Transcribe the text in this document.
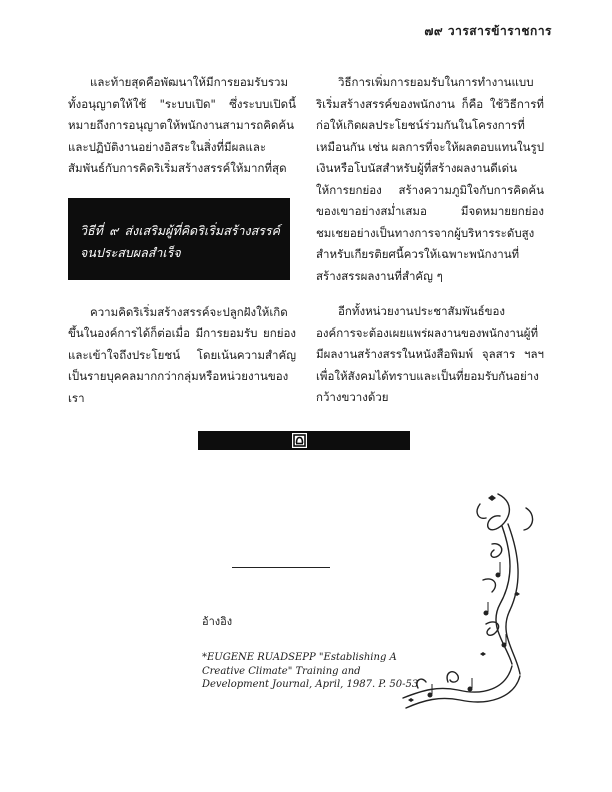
๗๙ วารสารข้าราชการ

และท้ายสุดคือพัฒนาให้มีการยอมรับรวมทั้งอนุญาตให้ใช้ "ระบบเปิด" ซึ่งระบบเปิดนี้หมายถึงการอนุญาตให้พนักงานสามารถคิดค้นและปฏิบัติงานอย่างอิสระในสิ่งที่มีผลและสัมพันธ์กับการคิดริเริ่มสร้างสรรค์ให้มากที่สุด

วิธีที่ ๙ ส่งเสริมผู้ที่คิดริเริ่มสร้างสรรค์จนประสบผลสำเร็จ

ความคิดริเริ่มสร้างสรรค์จะปลูกฝังให้เกิดขึ้นในองค์การได้ก็ต่อเมื่อ มีการยอมรับ ยกย่องและเข้าใจถึงประโยชน์ โดยเน้นความสำคัญเป็นรายบุคคลมากกว่ากลุ่มหรือหน่วยงานของเรา

วิธีการเพิ่มการยอมรับในการทำงานแบบริเริ่มสร้างสรรค์ของพนักงาน ก็คือ ใช้วิธีการที่ก่อให้เกิดผลประโยชน์ร่วมกันในโครงการที่เหมือนกัน เช่น ผลการที่จะให้ผลตอบแทนในรูปเงินหรือโบนัสสำหรับผู้ที่สร้างผลงานดีเด่นให้การยกย่อง สร้างความภูมิใจกับการคิดค้นของเขาอย่างสม่ำเสมอ มีจดหมายยกย่องชมเชยอย่างเป็นทางการจากผู้บริหารระดับสูง สำหรับเกียรติยศนี้ควรให้เฉพาะพนักงานที่สร้างสรรผลงานที่สำคัญ ๆ

อีกทั้งหน่วยงานประชาสัมพันธ์ขององค์การจะต้องเผยแพร่ผลงานของพนักงานผู้ที่มีผลงานสร้างสรรในหนังสือพิมพ์ จุลสาร ฯลฯ เพื่อให้สังคมได้ทราบและเป็นที่ยอมรับกันอย่างกว้างขวางด้วย

อ้างอิง
*EUGENE RUADSEPP "Establishing A Creative Climate" Training and Development Journal, April, 1987. P. 50-53
